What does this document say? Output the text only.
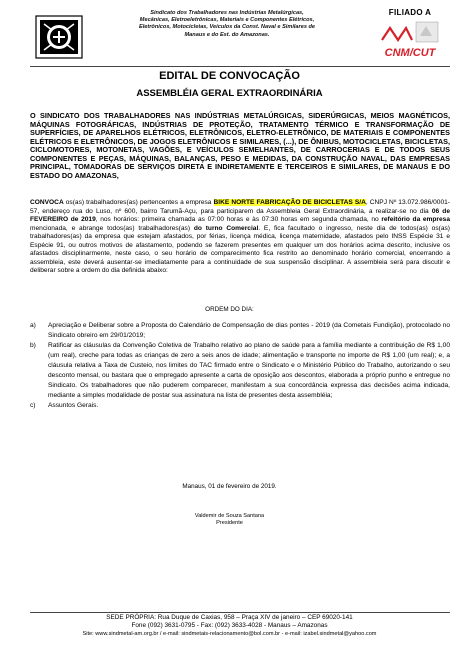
Sindicato dos Trabalhadores nas Indústrias Metalúrgicas,
Mecânicas, Eletroeletrônicas, Materiais e Componentes Elétricos,
Eletrônicos, Motocicletas, Veículos da Const. Naval e Similares de
Manaus e do Est. do Amazonas.
FILIADO A
CNM/CUT
EDITAL DE CONVOCAÇÃO
ASSEMBLÉIA GERAL EXTRAORDINÁRIA
O SINDICATO DOS TRABALHADORES NAS INDÚSTRIAS METALÚRGICAS, SIDERÚRGICAS, MEIOS MAGNÉTICOS, MÁQUINAS FOTOGRÁFICAS, INDÚSTRIAS DE PROTEÇÃO, TRATAMENTO TÉRMICO E TRANSFORMAÇÃO DE SUPERFÍCIES, DE APARELHOS ELÉTRICOS, ELETRÔNICOS, ELETRO-ELETRÔNICO, DE MATERIAIS E COMPONENTES ELÉTRICOS E ELETRÔNICOS, DE JOGOS ELETRÔNICOS E SIMILARES, (...), DE ÔNIBUS, MOTOCICLETAS, BICICLETAS, CICLOMOTORES, MOTONETAS, VAGÕES, E VEÍCULOS SEMELHANTES, DE CARROCERIAS E DE TODOS SEUS COMPONENTES E PEÇAS, MÁQUINAS, BALANÇAS, PESO E MEDIDAS, DA CONSTRUÇÃO NAVAL, DAS EMPRESAS PRINCIPAL, TOMADORAS DE SERVIÇOS DIRETA E INDIRETAMENTE E TERCEIROS E SIMILARES, DE MANAUS E DO ESTADO DO AMAZONAS,
CONVOCA os(as) trabalhadores(as) pertencentes a empresa BIKE NORTE FABRICAÇÃO DE BICICLETAS S/A, CNPJ Nº 13.072.986/0001-57, endereço rua do Luso, nº 600, bairro Tarumã-Açu, para participarem da Assembleia Geral Extraordinária, a realizar-se no dia 06 de FEVEREIRO de 2019, nos horários: primeira chamada as 07:00 horas e às 07:30 horas em segunda chamada, no refeitório da empresa mencionada, e abrange todos(as) trabalhadores(as) do turno Comercial. E, fica facultado o ingresso, neste dia de todos(as) os(as) trabalhadores(as) da empresa que estejam afastados, por férias, licença médica, licença maternidade, afastados pelo INSS Espécie 31 e Espécie 91, ou outros motivos de afastamento, podendo se fazerem presentes em qualquer um dos horários acima descrito, inclusive os afastados disciplinarmente, neste caso, o seu horário de comparecimento fica restrito ao denominado horário comercial, encerrando a assembleia, este deverá ausentar-se imediatamente para a continuidade de sua suspensão disciplinar. A assembleia será para discutir e deliberar sobre a ordem do dia definida abaixo:
ORDEM DO DIA:
a)	Apreciação e Deliberar sobre a Proposta do Calendário de Compensação de dias pontes - 2019 (da Cometais Fundição), protocolado no Sindicato obreiro em 29/01/2019;
b)	Ratificar as cláusulas da Convenção Coletiva de Trabalho relativo ao plano de saúde para a família mediante a contribuição de R$ 1,00 (um real), creche para todas as crianças de zero a seis anos de idade; alimentação e transporte no importe de R$ 1,00 (um real); e, a cláusula relativa a Taxa de Custeio, nos limites do TAC firmado entre o Sindicato e o Ministério Público do Trabalho, autorizando o seu desconto mensal, ou bastara que o empregado apresente a carta de oposição aos descontos, elaborada a próprio punho e entregue no Sindicato. Os trabalhadores que não puderem comparecer, manifestam a sua concordância expressa das decisões acima indicada, mediante a simples modalidade de postar sua assinatura na lista de presentes desta assembléia;
c)	Assuntos Gerais.
Manaus, 01 de fevereiro de 2019.
Valdemir de Souza Santana
Presidente
SEDE PRÓPRIA: Rua Duque de Caxias, 958 – Praça XIV de janeiro – CEP 69020-141
Fone (092) 3631-0795 - Fax: (092) 3633-4028 - Manaus – Amazonas
Site: www.sindmetal-am.org.br / e-mail: sindmetais-relacionamento@bol.com.br - e-mail: izabel.sindmetal@yahoo.com
